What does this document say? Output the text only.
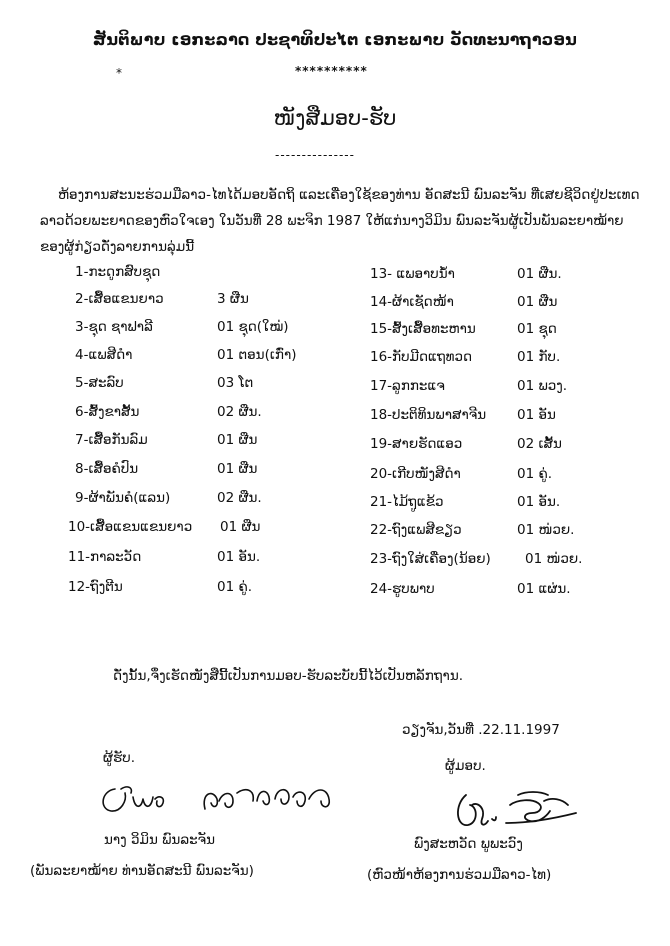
ສັນຕິພາບ ເອກະລາດ ປະຊາທິປະໄຕ ເອກະພາບ ວັດທະນາຖາວອນ
*	**********
ໜັງສືມອບ-ຮັບ
---------------
ຫ້ອງການສະນະຮ່ວມມືລາວ-ໄທໄດ້ມອບອັດຖິ ແລະເຄື່ອງໃຊ້ຂອງທ່ານ ອັດສະນີ ພົນລະຈັນ ທີ່ເສຍຊີວິດຢູ່ປະເທດລາວດ້ວຍພະຍາດຂອງຫົວໃຈເອງ ໃນວັນທີ່ 28 ພະຈິກ 1987 ໃຫ້ແກ່ນາງວິມິນ ພົນລະຈັນຜູ້ເປັນພັນລະຍາໝ້າຍ ຂອງຜູ້ກ່ຽວດັ່ງລາຍການລຸ່ມນີ້
1-ກະດູກສົບຊຸດ
2-ເສື້ອແຂນຍາວ	3 ຜືນ
3-ຊຸດ ຊາຟາລີ	01 ຊຸດ(ໃໝ່)
4-ແພສີດໍາ	01 ຕອນ(ເກົ່າ)
5-ສະລົບ	03 ໂຕ
6-ສົ້ງຂາສັ້ນ	02 ຜືນ.
7-ເສື້ອກັນລົມ	01 ຜືນ
8-ເສື້ອຄໍປົນ	01 ຜືນ
9-ຜ້າພັນຄໍ(ແລນ)	02 ຜືນ.
10-ເສື້ອແຂນແຂນຍາວ 01 ຜືນ
11-ກາລະວັດ	01 ອັນ.
12-ຖົງຕີນ	01 ຄູ່.
13- ແພອາບນໍ້າ	01 ຜືນ.
14-ຜ້າເຊັດໜ້າ	01 ຜືນ
15-ສົ້ງເສື້ອທະຫານ	01 ຊຸດ
16-ກັບມີດແຖທວດ	01 ກັບ.
17-ລູກກະແຈ	01 ພວງ.
18-ປະຕິທິນພາສາຈີນ 01 ອັນ
19-ສາຍຮັດແອວ	02 ເສັ້ນ
20-ເກີບໜັງສີດໍາ	01 ຄູ່.
21-ໄມ້ຖູແຂ້ວ	01 ອັນ.
22-ຖົງແພສີຂຽວ	01 ໜ່ວຍ.
23-ຖົງໃສ່ເຄື່ອງ(ນ້ອຍ)	01 ໜ່ວຍ.
24-ຮູບພາບ	01 ແຜ່ນ.
ດັ່ງນັ້ນ,ຈຶ່ງເຮັດໜັງສືນີ້ເປັນການມອບ-ຮັບລະບັບນີ້ໄວ້ເປັນຫລັກຖານ.
ວຽງຈັນ,ວັນທີ່ .22.11.1997
ຜູ້ຮັບ.	ຜູ້ມອບ.
ນາງ ວິມິນ ພົນລະຈັນ
(ພັນລະຍາໝ້າຍ ທ່ານອັດສະນີ ພົນລະຈັນ)
ພົງສະຫວັດ ພູພະວົງ
(ຫົວໜ້າຫ້ອງການຮ່ວມມືລາວ-ໄທ)
